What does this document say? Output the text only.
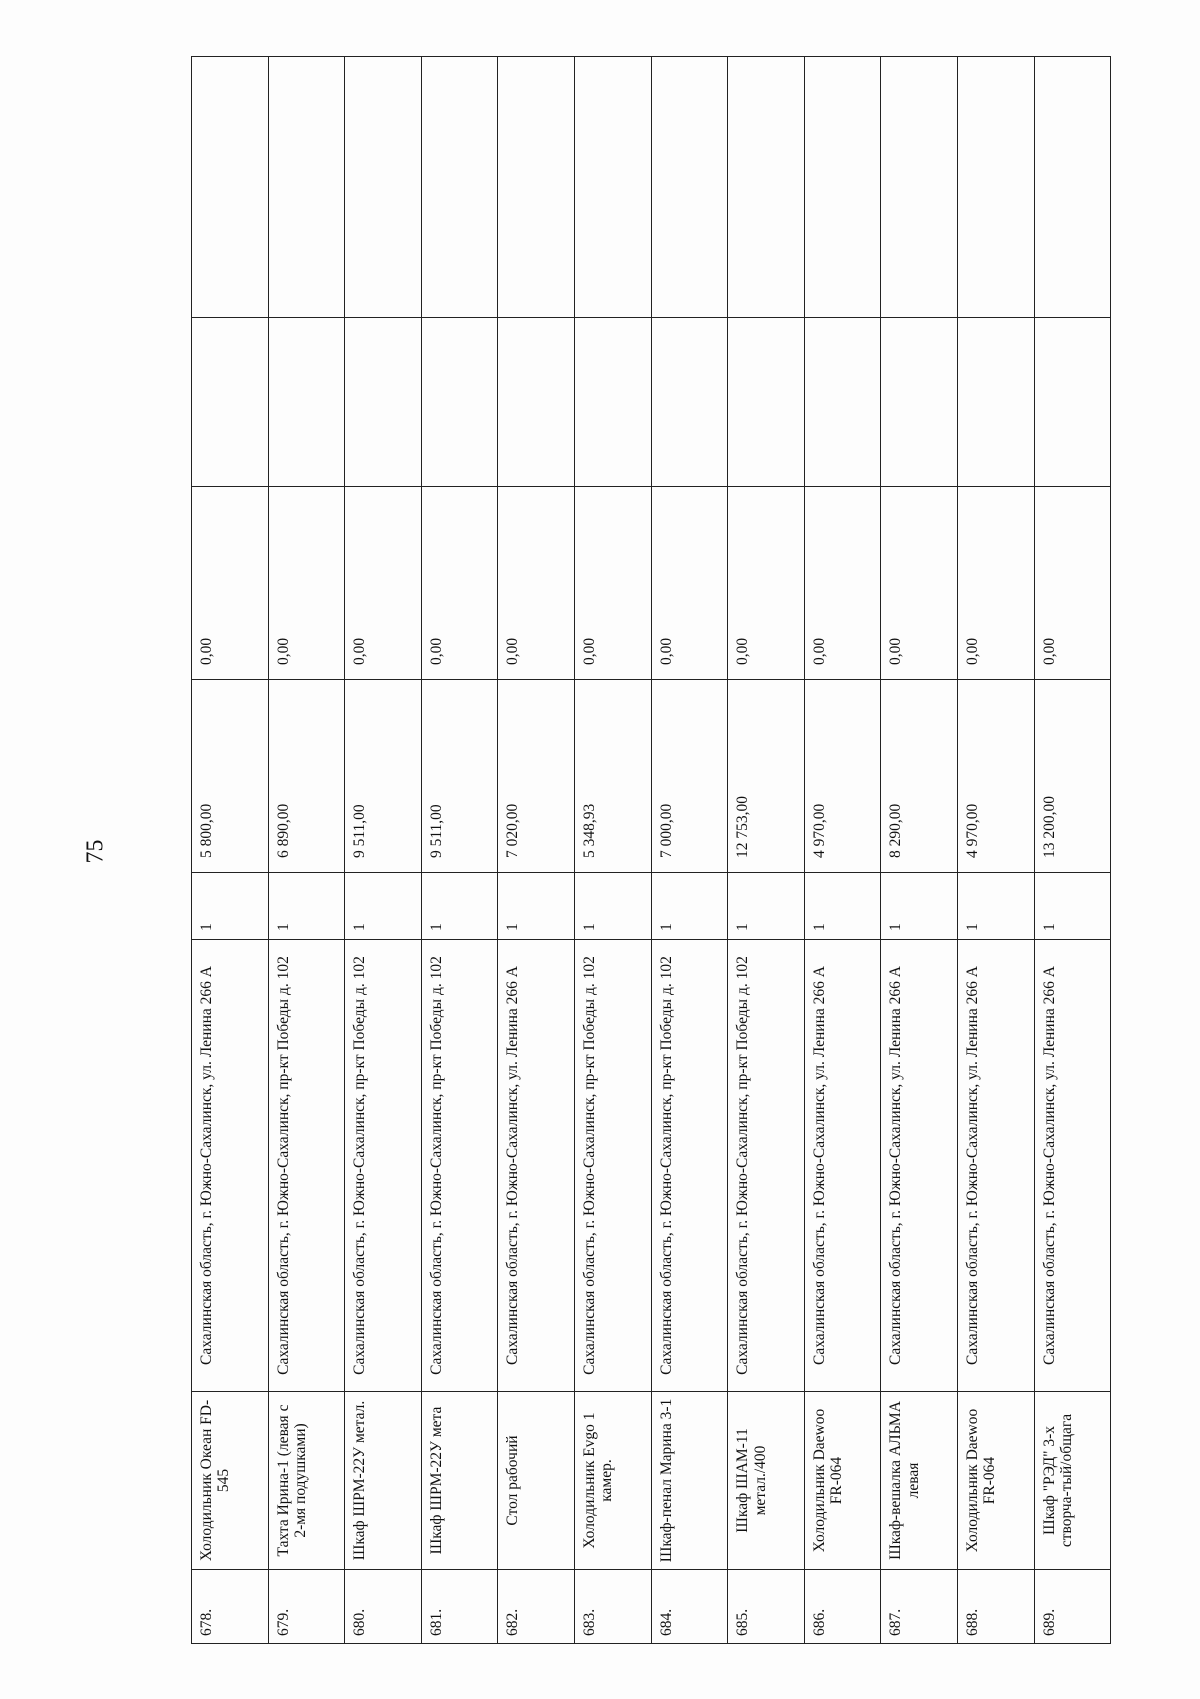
75
678.	Холодильник Океан FD-545	Сахалинская область, г. Южно-Сахалинск, ул. Ленина 266 А	1	5 800,00	0,00		
679.	Тахта Ирина-1 (левая с 2-мя подушками)	Сахалинская область, г. Южно-Сахалинск, пр-кт Победы д. 102	1	6 890,00	0,00		
680.	Шкаф ШРМ-22У метал.	Сахалинская область, г. Южно-Сахалинск, пр-кт Победы д. 102	1	9 511,00	0,00		
681.	Шкаф ШРМ-22У мета	Сахалинская область, г. Южно-Сахалинск, пр-кт Победы д. 102	1	9 511,00	0,00		
682.	Стол рабочий	Сахалинская область, г. Южно-Сахалинск, ул. Ленина 266 А	1	7 020,00	0,00		
683.	Холодильник Evgo 1 камер.	Сахалинская область, г. Южно-Сахалинск, пр-кт Победы д. 102	1	5 348,93	0,00		
684.	Шкаф-пенал Марина 3-1	Сахалинская область, г. Южно-Сахалинск, пр-кт Победы д. 102	1	7 000,00	0,00		
685.	Шкаф ШАМ-11 метал./400	Сахалинская область, г. Южно-Сахалинск, пр-кт Победы д. 102	1	12 753,00	0,00		
686.	Холодильник Daewoo FR-064	Сахалинская область, г. Южно-Сахалинск, ул. Ленина 266 А	1	4 970,00	0,00		
687.	Шкаф-вешалка АЛЬМА левая	Сахалинская область, г. Южно-Сахалинск, ул. Ленина 266 А	1	8 290,00	0,00		
688.	Холодильник Daewoo FR-064	Сахалинская область, г. Южно-Сахалинск, ул. Ленина 266 А	1	4 970,00	0,00		
689.	Шкаф "РЭД" 3-х створча-тый/общага	Сахалинская область, г. Южно-Сахалинск, ул. Ленина 266 А	1	13 200,00	0,00		
